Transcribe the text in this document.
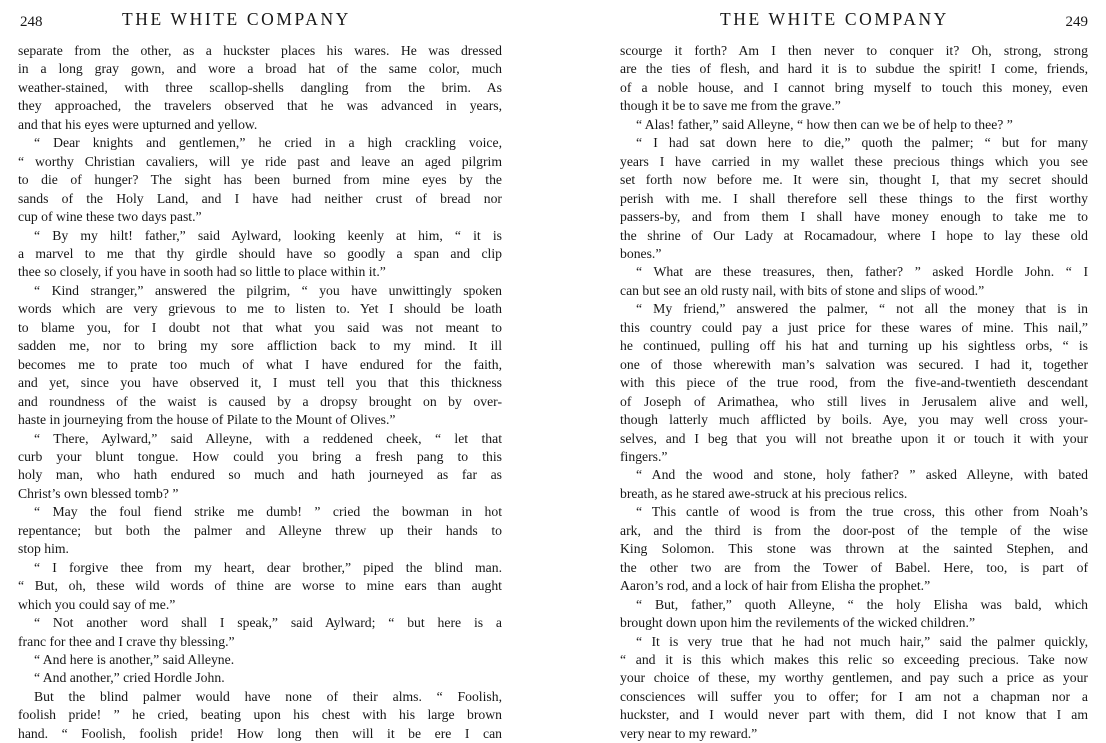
248	THE WHITE COMPANY
separate from the other, as a huckster places his wares. He was dressed
in a long gray gown, and wore a broad hat of the same color, much
weather-stained, with three scallop-shells dangling from the brim. As
they approached, the travelers observed that he was advanced in years,
and that his eyes were upturned and yellow.
“ Dear knights and gentlemen,” he cried in a high crackling voice,
“ worthy Christian cavaliers, will ye ride past and leave an aged pilgrim
to die of hunger? The sight has been burned from mine eyes by the
sands of the Holy Land, and I have had neither crust of bread nor
cup of wine these two days past.”
“ By my hilt! father,” said Aylward, looking keenly at him, “ it is
a marvel to me that thy girdle should have so goodly a span and clip
thee so closely, if you have in sooth had so little to place within it.”
“ Kind stranger,” answered the pilgrim, “ you have unwittingly spoken
words which are very grievous to me to listen to. Yet I should be loath
to blame you, for I doubt not that what you said was not meant to
sadden me, nor to bring my sore affliction back to my mind. It ill
becomes me to prate too much of what I have endured for the faith,
and yet, since you have observed it, I must tell you that this thickness
and roundness of the waist is caused by a dropsy brought on by over-
haste in journeying from the house of Pilate to the Mount of Olives.”
“ There, Aylward,” said Alleyne, with a reddened cheek, “ let that
curb your blunt tongue. How could you bring a fresh pang to this
holy man, who hath endured so much and hath journeyed as far as
Christ’s own blessed tomb? ”
“ May the foul fiend strike me dumb! ” cried the bowman in hot
repentance; but both the palmer and Alleyne threw up their hands to
stop him.
“ I forgive thee from my heart, dear brother,” piped the blind man.
“ But, oh, these wild words of thine are worse to mine ears than aught
which you could say of me.”
“ Not another word shall I speak,” said Aylward; “ but here is a
franc for thee and I crave thy blessing.”
“ And here is another,” said Alleyne.
“ And another,” cried Hordle John.
But the blind palmer would have none of their alms. “ Foolish,
foolish pride! ” he cried, beating upon his chest with his large brown
hand. “ Foolish, foolish pride! How long then will it be ere I can
THE WHITE COMPANY	249
scourge it forth? Am I then never to conquer it? Oh, strong, strong
are the ties of flesh, and hard it is to subdue the spirit! I come, friends,
of a noble house, and I cannot bring myself to touch this money, even
though it be to save me from the grave.”
“ Alas! father,” said Alleyne, “ how then can we be of help to thee? ”
“ I had sat down here to die,” quoth the palmer; “ but for many
years I have carried in my wallet these precious things which you see
set forth now before me. It were sin, thought I, that my secret should
perish with me. I shall therefore sell these things to the first worthy
passers-by, and from them I shall have money enough to take me to
the shrine of Our Lady at Rocamadour, where I hope to lay these old
bones.”
“ What are these treasures, then, father? ” asked Hordle John. “ I
can but see an old rusty nail, with bits of stone and slips of wood.”
“ My friend,” answered the palmer, “ not all the money that is in
this country could pay a just price for these wares of mine. This nail,”
he continued, pulling off his hat and turning up his sightless orbs, “ is
one of those wherewith man’s salvation was secured. I had it, together
with this piece of the true rood, from the five-and-twentieth descendant
of Joseph of Arimathea, who still lives in Jerusalem alive and well,
though latterly much afflicted by boils. Aye, you may well cross your-
selves, and I beg that you will not breathe upon it or touch it with your
fingers.”
“ And the wood and stone, holy father? ” asked Alleyne, with bated
breath, as he stared awe-struck at his precious relics.
“ This cantle of wood is from the true cross, this other from Noah’s
ark, and the third is from the door-post of the temple of the wise
King Solomon. This stone was thrown at the sainted Stephen, and
the other two are from the Tower of Babel. Here, too, is part of
Aaron’s rod, and a lock of hair from Elisha the prophet.”
“ But, father,” quoth Alleyne, “ the holy Elisha was bald, which
brought down upon him the revilements of the wicked children.”
“ It is very true that he had not much hair,” said the palmer quickly,
“ and it is this which makes this relic so exceeding precious. Take now
your choice of these, my worthy gentlemen, and pay such a price as your
consciences will suffer you to offer; for I am not a chapman nor a
huckster, and I would never part with them, did I not know that I am
very near to my reward.”
